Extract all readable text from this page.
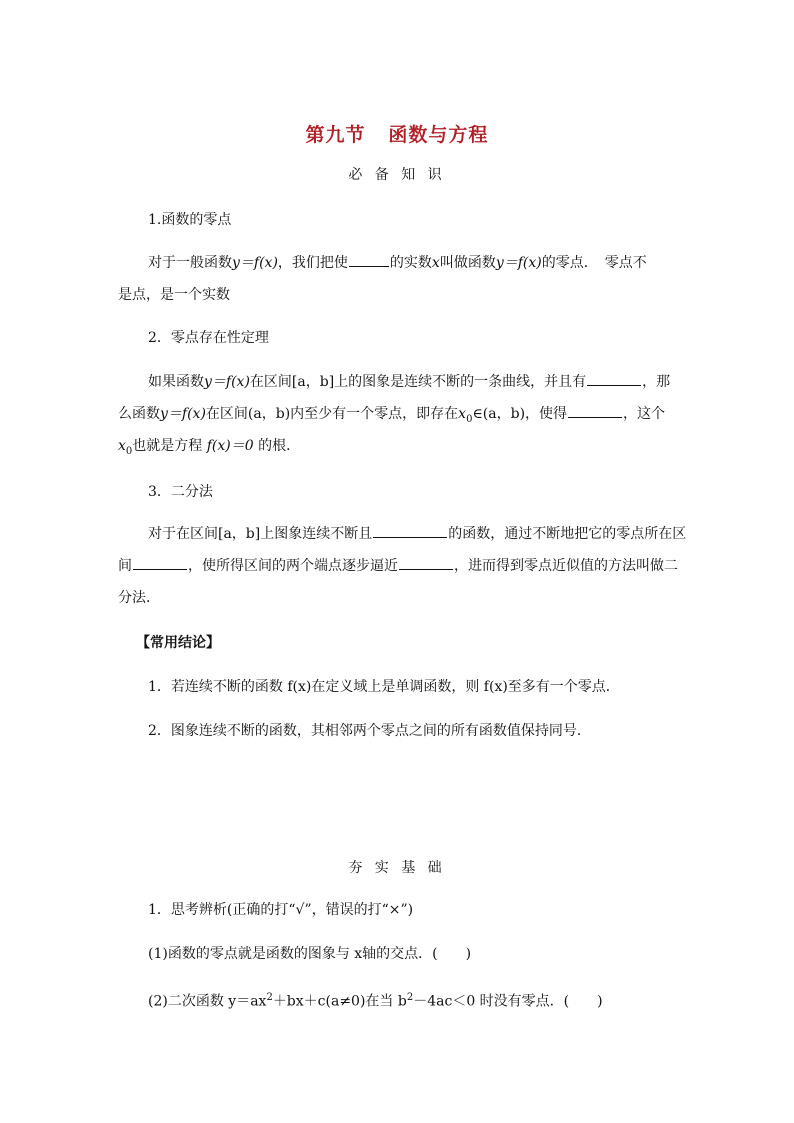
第九节 函数与方程
必 备 知 识
1.函数的零点
对于一般函数y＝f(x)，我们把使	的实数x叫做函数y＝f(x)的零点．　零点不
是点，是一个实数
2．零点存在性定理
如果函数y＝f(x)在区间[a，b]上的图象是连续不断的一条曲线，并且有	，那
么函数y＝f(x)在区间(a，b)内至少有一个零点，即存在$x_0\in(a$，b)，使得	，这个
$x_0$也就是方程 f(x)＝0 的根．
3．二分法
对于在区间[a，b]上图象连续不断且	的函数，通过不断地把它的零点所在区
间	，使所得区间的两个端点逐步逼近	，进而得到零点近似值的方法叫做二
分法．
【常用结论】
1．若连续不断的函数 f(x)在定义域上是单调函数，则 f(x)至多有一个零点．
2．图象连续不断的函数，其相邻两个零点之间的所有函数值保持同号．
夯 实 基 础
1．思考辨析(正确的打“√”，错误的打“×”)
(1)函数的零点就是函数的图象与 x轴的交点．(　　)
(2)二次函数 $y=ax^2+bx+c(a\ne 0)$在当 $b^2-4ac<0$ 时没有零点．(　　)
